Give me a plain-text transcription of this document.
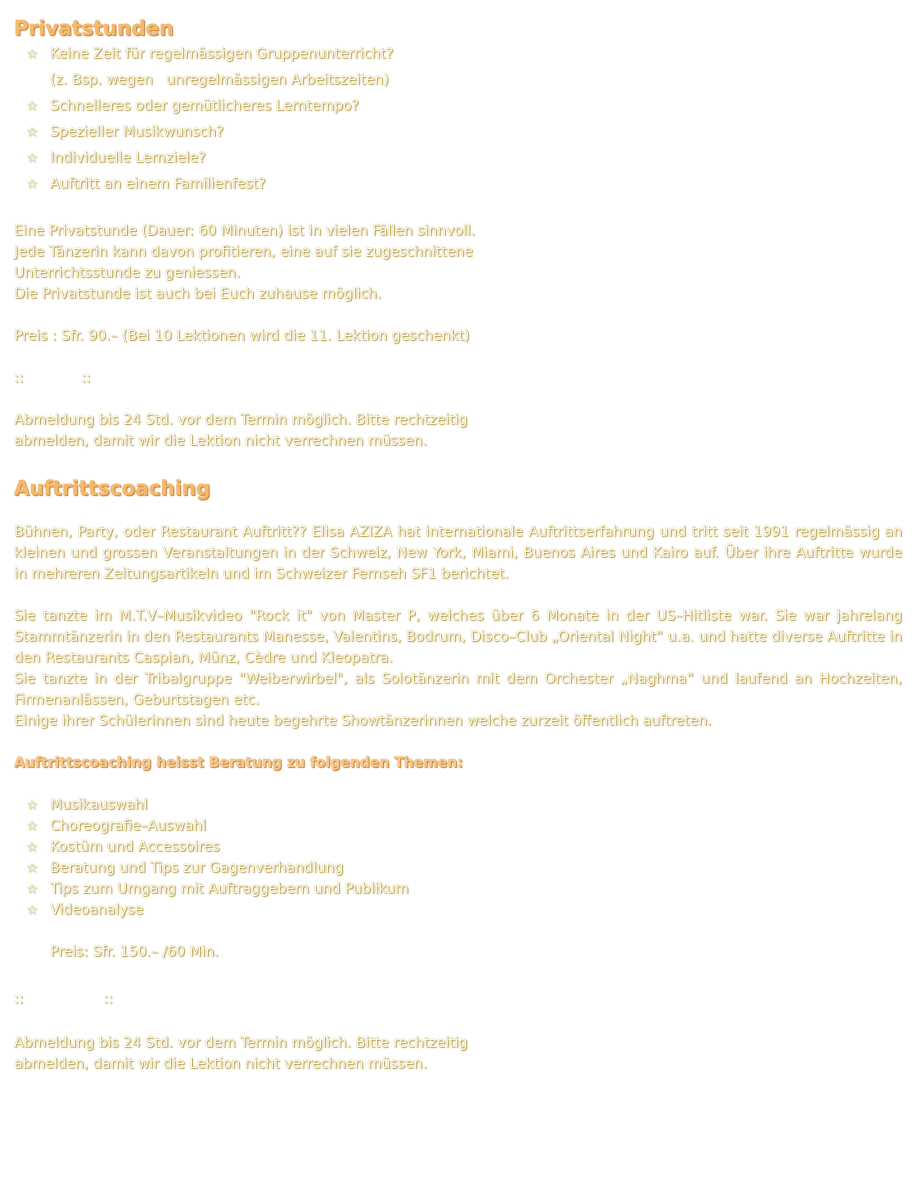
Privatstunden
☆ Keine Zeit für regelmässigen Gruppenunterricht?
(z. Bsp. wegen   unregelmässigen Arbeitszeiten)
☆ Schnelleres oder gemütlicheres Lerntempo?
☆ Spezieller Musikwunsch?
☆ Individuelle Lernziele?
☆ Auftritt an einem Familienfest?
Eine Privatstunde (Dauer: 60 Minuten) ist in vielen Fällen sinnvoll.
Jede Tänzerin kann davon profitieren, eine auf sie zugeschnittene
Unterrichtsstunde zu geniessen.
Die Privatstunde ist auch bei Euch zuhause möglich.
Preis : Sfr. 90.– (Bei 10 Lektionen wird die 11. Lektion geschenkt)
::             ::
Abmeldung bis 24 Std. vor dem Termin möglich. Bitte rechtzeitig
abmelden, damit wir die Lektion nicht verrechnen müssen.
Auftrittscoaching
Bühnen, Party, oder Restaurant Auftritt?? Elisa AZIZA hat internationale Auftrittserfahrung und tritt seit 1991 regelmässig an kleinen und grossen Veranstaltungen in der Schweiz, New York, Miami, Buenos Aires und Kairo auf. Über ihre Auftritte wurde in mehreren Zeitungsartikeln und im Schweizer Fernseh SF1 berichtet.
Sie tanzte im M.T.V–Musikvideo "Rock it" von Master P, welches über 6 Monate in der US–Hitliste war. Sie war jahrelang Stammtänzerin in den Restaurants Manesse, Valentins, Bodrum, Disco–Club „Oriental Night“ u.a. und hatte diverse Auftritte in den Restaurants Caspian, Münz, Cèdre und Kleopatra.
Sie tanzte in der Tribalgruppe "Weiberwirbel", als Solotänzerin mit dem Orchester „Naghma“ und laufend an Hochzeiten, Firmenanlässen, Geburtstagen etc.
Einige ihrer Schülerinnen sind heute begehrte Showtänzerinnen welche zurzeit öffentlich auftreten.
Auftrittscoaching heisst Beratung zu folgenden Themen:
☆ Musikauswahl
☆ Choreografie–Auswahl
☆ Kostüm und Accessoires
☆ Beratung und Tips zur Gagenverhandlung
☆ Tips zum Umgang mit Auftraggebern und Publikum
☆ Videoanalyse
Preis: Sfr. 150.– /60 Min.
::                  ::
Abmeldung bis 24 Std. vor dem Termin möglich. Bitte rechtzeitig
abmelden, damit wir die Lektion nicht verrechnen müssen.
